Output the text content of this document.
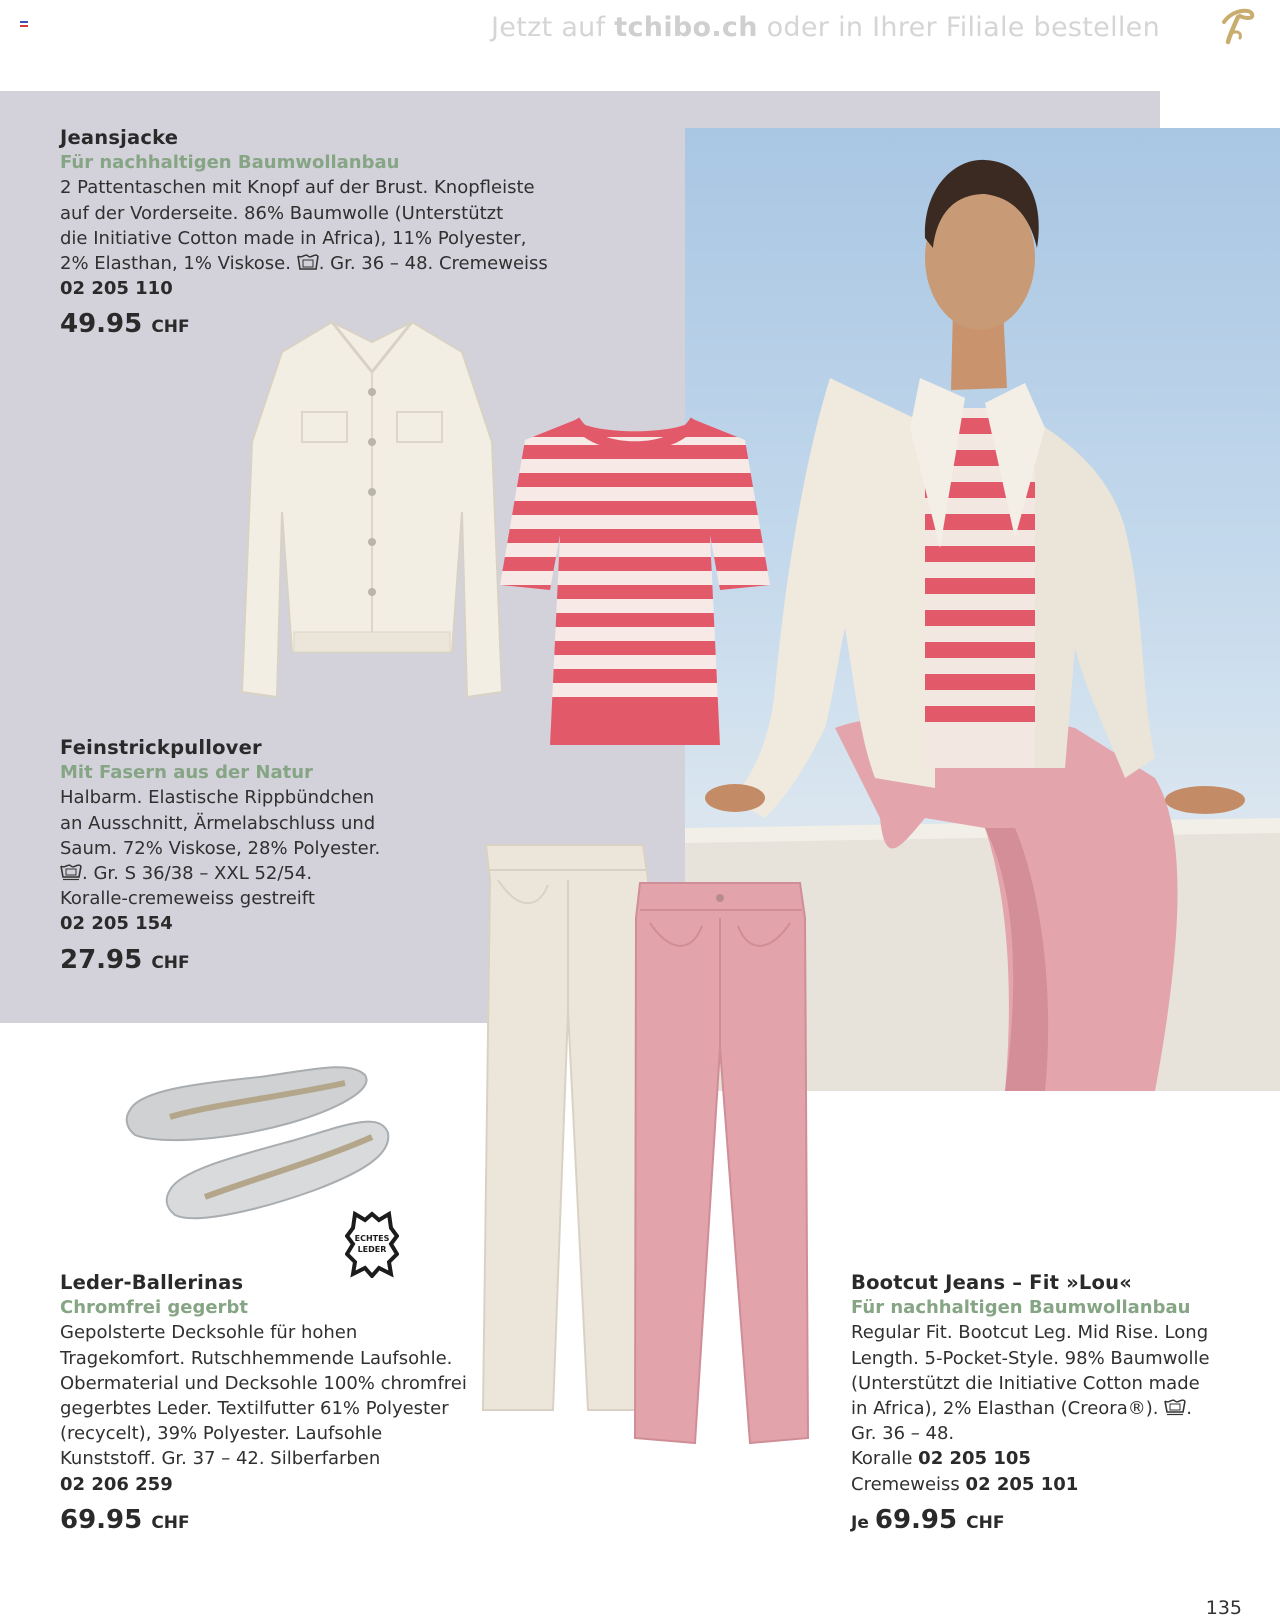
Jetzt auf tchibo.ch oder in Ihrer Filiale bestellen
ECHTES
LEDER
Jeansjacke
Für nachhaltigen Baumwollanbau
2 Pattentaschen mit Knopf auf der Brust. Knopfleiste
auf der Vorderseite. 86% Baumwolle (Unterstützt
die Initiative Cotton made in Africa), 11% Polyester,
2% Elasthan, 1% Viskose. . Gr. 36 – 48. Cremeweiss
02 205 110
49.95 CHF
Feinstrickpullover
Mit Fasern aus der Natur
Halbarm. Elastische Rippbündchen
an Ausschnitt, Ärmelabschluss und
Saum. 72% Viskose, 28% Polyester.
. Gr. S 36/38 – XXL 52/54.
Koralle-cremeweiss gestreift
02 205 154
27.95 CHF
Leder-Ballerinas
Chromfrei gegerbt
Gepolsterte Decksohle für hohen
Tragekomfort. Rutschhemmende Laufsohle.
Obermaterial und Decksohle 100% chromfrei
gegerbtes Leder. Textilfutter 61% Polyester
(recycelt), 39% Polyester. Laufsohle
Kunststoff. Gr. 37 – 42. Silberfarben
02 206 259
69.95 CHF
Bootcut Jeans – Fit »Lou«
Für nachhaltigen Baumwollanbau
Regular Fit. Bootcut Leg. Mid Rise. Long
Length. 5-Pocket-Style. 98% Baumwolle
(Unterstützt die Initiative Cotton made
in Africa), 2% Elasthan (Creora®). .
Gr. 36 – 48.
Koralle 02 205 105
Cremeweiss 02 205 101
Je 69.95 CHF
135
